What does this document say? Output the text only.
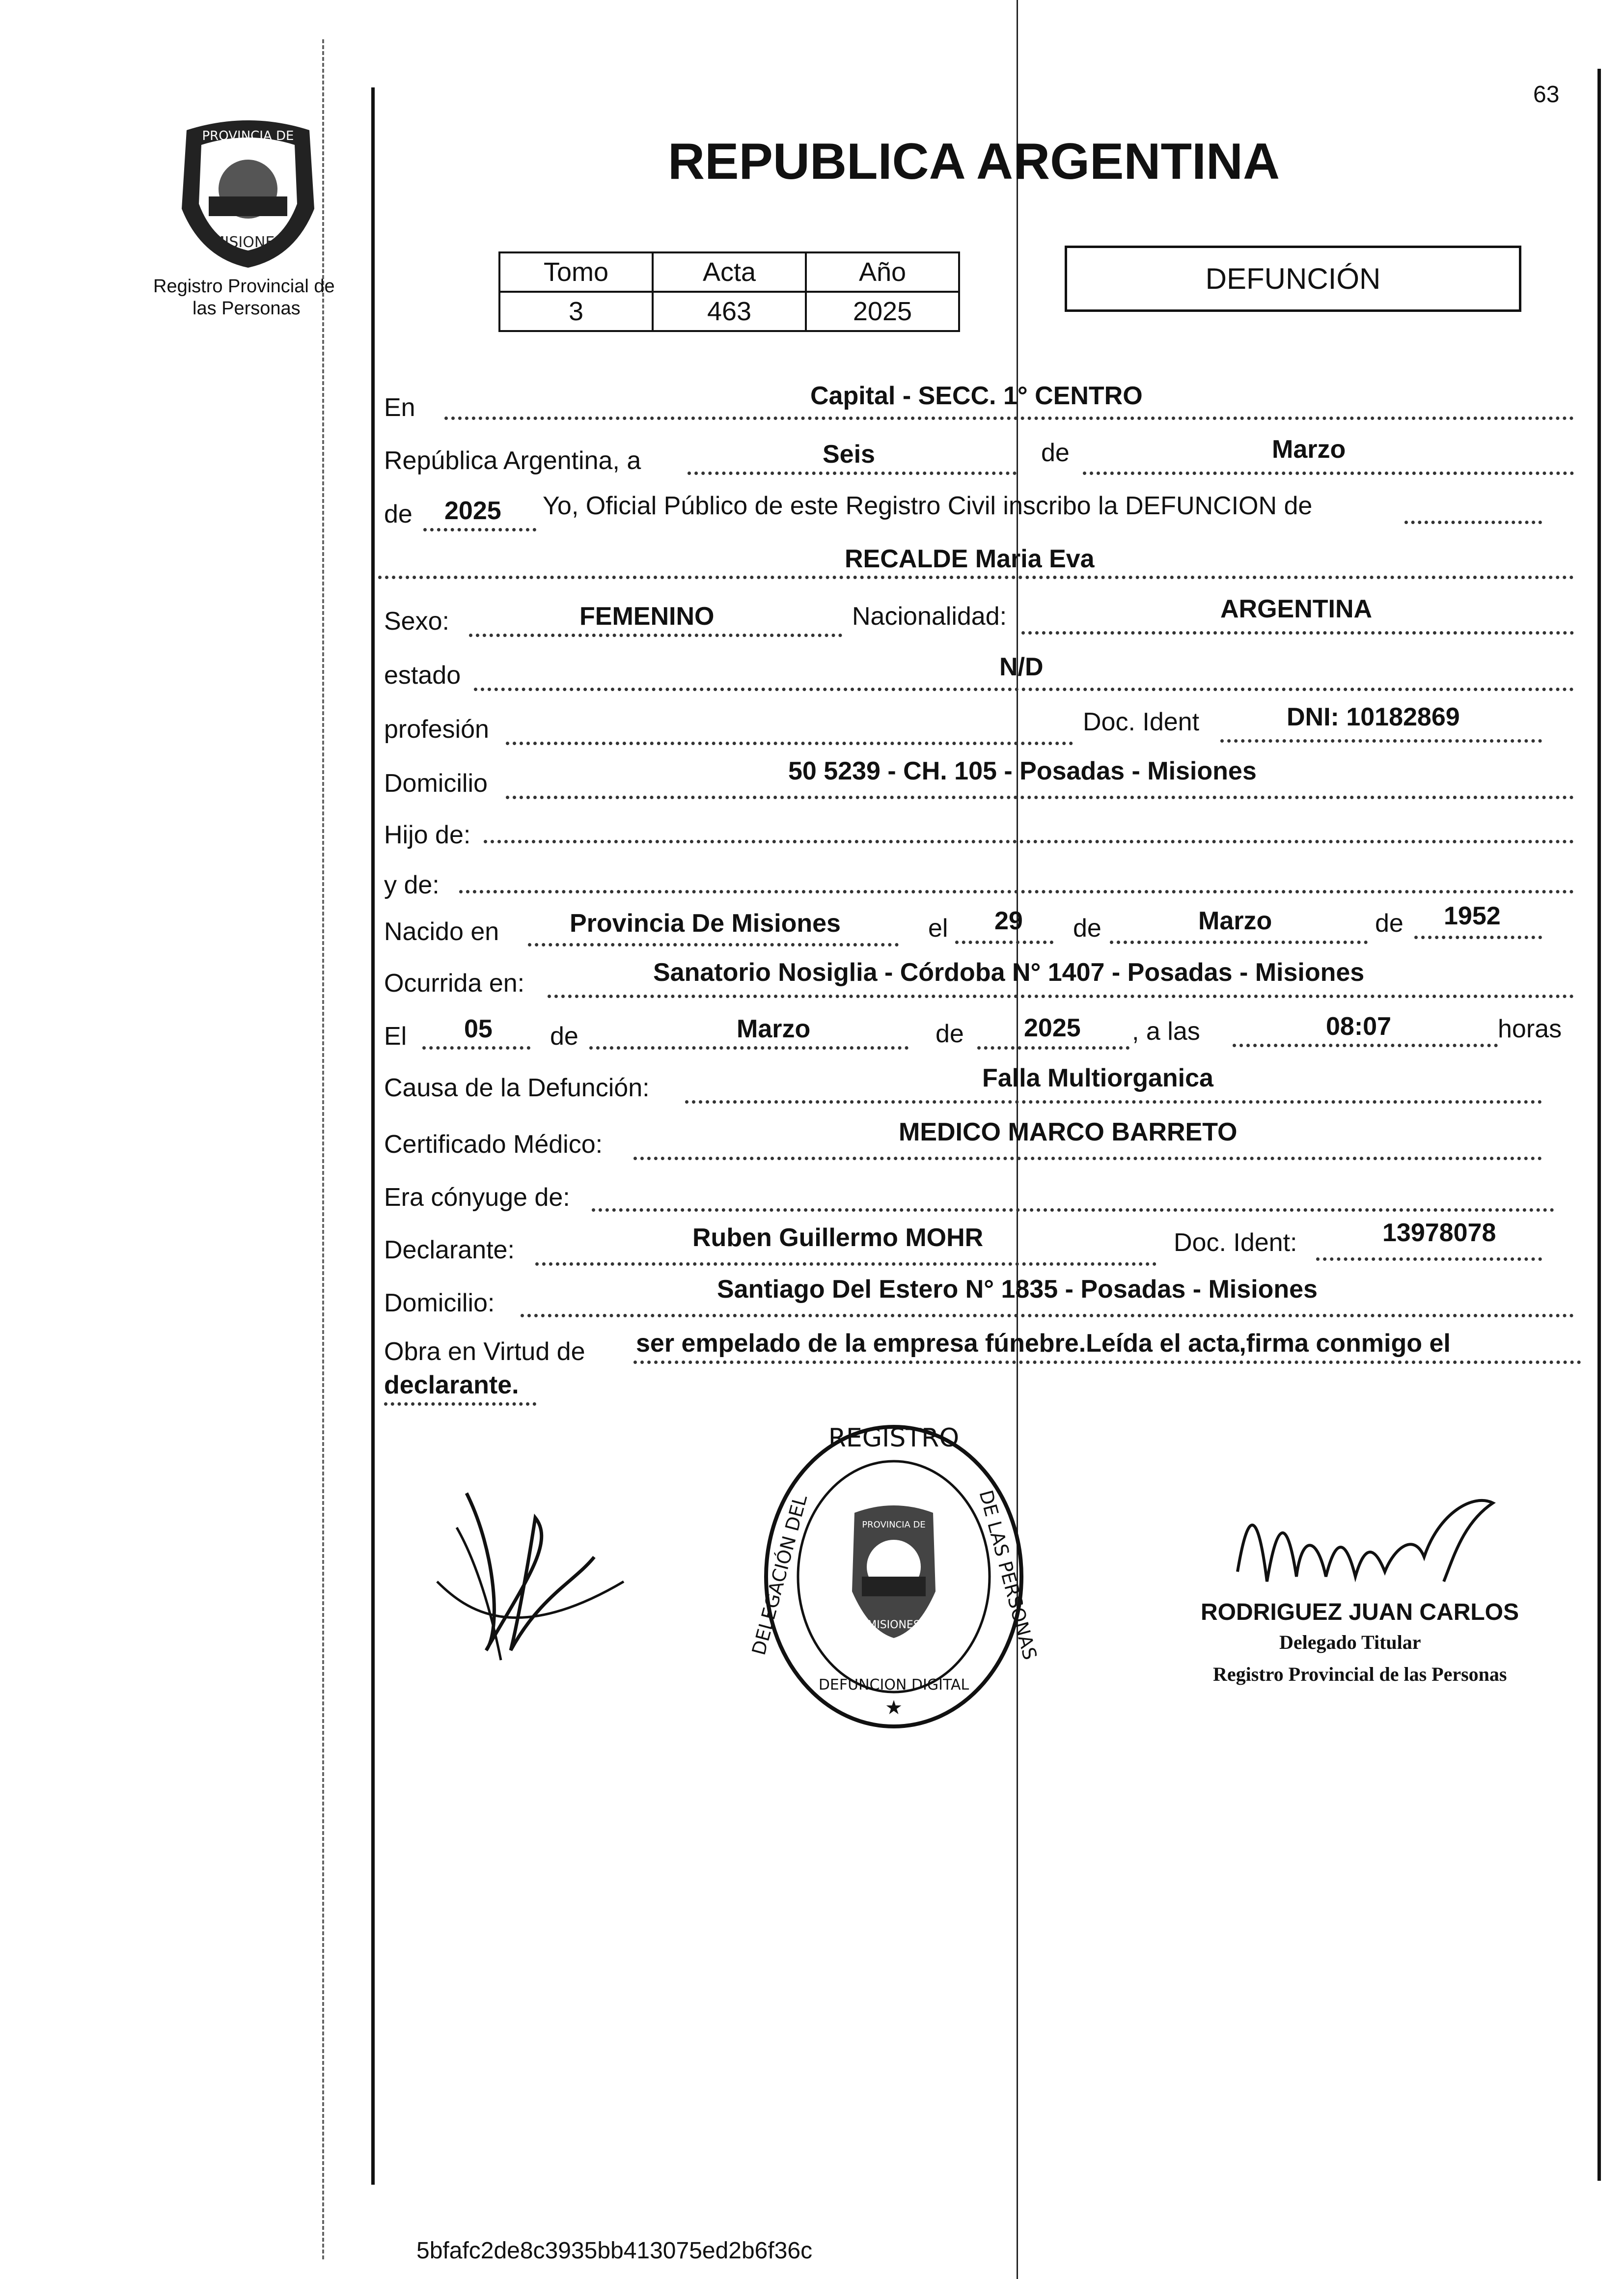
63
PROVINCIA DE
MISIONES
Registro Provincial de
las Personas
REPUBLICA ARGENTINA
Tomo	Acta	Año
3	463	2025
DEFUNCIÓN
En	Capital - SECC. 1° CENTRO
República Argentina, a	Seis	de	Marzo
de 2025 Yo, Oficial Público de este Registro Civil inscribo la DEFUNCION de
RECALDE Maria Eva
Sexo:	FEMENINO	Nacionalidad:	ARGENTINA
estado	N/D
profesión	Doc. Ident	DNI: 10182869
Domicilio	50 5239 - CH. 105 - Posadas - Misiones
Hijo de:
y de:
Nacido en	Provincia De Misiones	el 29 de	Marzo	de 1952
Ocurrida en:	Sanatorio Nosiglia - Córdoba N° 1407 - Posadas - Misiones
El 05 de	Marzo	de 2025 , a las	08:07	horas
Causa de la Defunción:	Falla Multiorganica
Certificado Médico:	MEDICO MARCO BARRETO
Era cónyuge de:
Declarante:	Ruben Guillermo MOHR	Doc. Ident:	13978078
Domicilio:	Santiago Del Estero N° 1835 - Posadas - Misiones
Obra en Virtud de ser empelado de la empresa fúnebre.Leída el acta,firma conmigo el
declarante.
REGISTRO
DELEGACIÓN DEL	DE LAS PERSONAS
DEFUNCION DIGITAL
★
PROVINCIA DE
MISIONES	RODRIGUEZ JUAN CARLOS
Delegado Titular
Registro Provincial de las Personas
5bfafc2de8c3935bb413075ed2b6f36c
